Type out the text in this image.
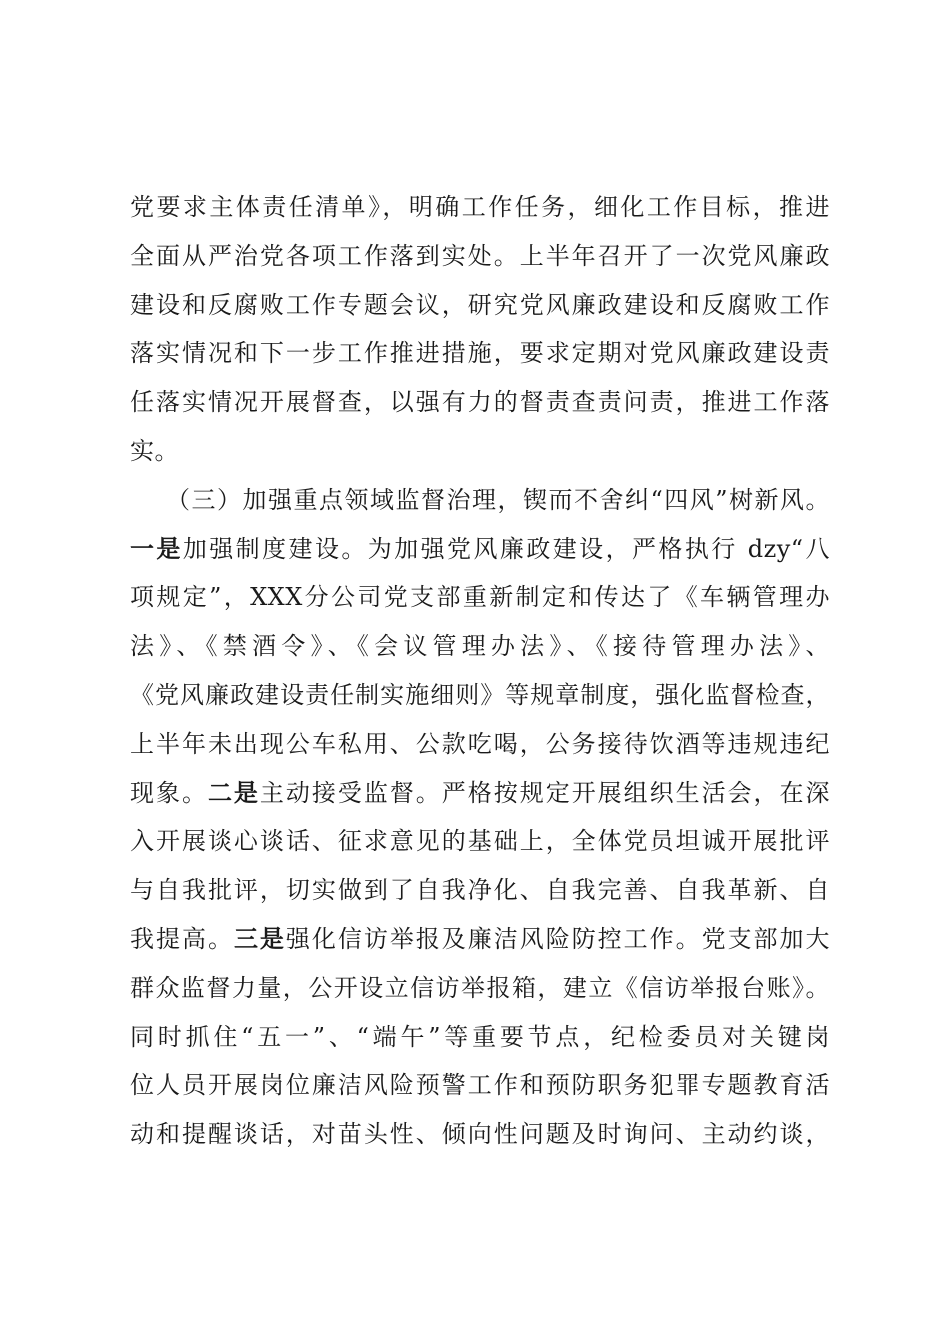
党要求主体责任清单》，明确工作任务，细化工作目标，推进
全面从严治党各项工作落到实处。上半年召开了一次党风廉政
建设和反腐败工作专题会议，研究党风廉政建设和反腐败工作
落实情况和下一步工作推进措施，要求定期对党风廉政建设责
任落实情况开展督查，以强有力的督责查责问责，推进工作落
实。
（三）加强重点领域监督治理，锲而不舍纠“四风”树新风。
一是加强制度建设。为加强党风廉政建设，严格执行 dzy“八
项规定”，XXX分公司党支部重新制定和传达了《车辆管理办
法》、《禁酒令》、《会议管理办法》、《接待管理办法》、
《党风廉政建设责任制实施细则》等规章制度，强化监督检查，
上半年未出现公车私用、公款吃喝，公务接待饮酒等违规违纪
现象。二是主动接受监督。严格按规定开展组织生活会，在深
入开展谈心谈话、征求意见的基础上，全体党员坦诚开展批评
与自我批评，切实做到了自我净化、自我完善、自我革新、自
我提高。三是强化信访举报及廉洁风险防控工作。党支部加大
群众监督力量，公开设立信访举报箱，建立《信访举报台账》。
同时抓住“五一”、“端午”等重要节点，纪检委员对关键岗
位人员开展岗位廉洁风险预警工作和预防职务犯罪专题教育活
动和提醒谈话，对苗头性、倾向性问题及时询问、主动约谈，
